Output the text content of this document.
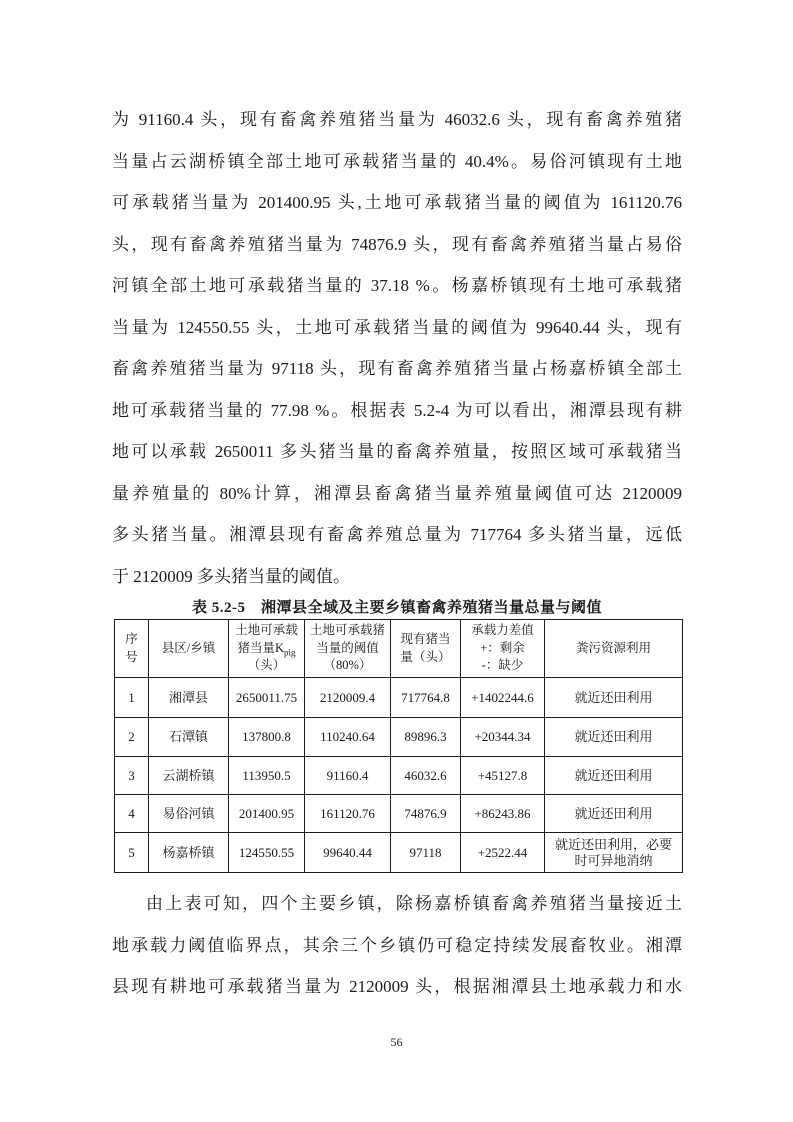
为 91160.4 头，现有畜禽养殖猪当量为 46032.6 头，现有畜禽养殖猪
当量占云湖桥镇全部土地可承载猪当量的 40.4%。易俗河镇现有土地
可承载猪当量为 201400.95 头,土地可承载猪当量的阈值为 161120.76
头，现有畜禽养殖猪当量为 74876.9 头，现有畜禽养殖猪当量占易俗
河镇全部土地可承载猪当量的 37.18 %。杨嘉桥镇现有土地可承载猪
当量为 124550.55 头，土地可承载猪当量的阈值为 99640.44 头，现有
畜禽养殖猪当量为 97118 头，现有畜禽养殖猪当量占杨嘉桥镇全部土
地可承载猪当量的 77.98 %。根据表 5.2-4 为可以看出，湘潭县现有耕
地可以承载 2650011 多头猪当量的畜禽养殖量，按照区域可承载猪当
量养殖量的 80%计算，湘潭县畜禽猪当量养殖量阈值可达 2120009
多头猪当量。湘潭县现有畜禽养殖总量为 717764 多头猪当量，远低
于 2120009 多头猪当量的阈值。
表 5.2-5　湘潭县全域及主要乡镇畜禽养殖猪当量总量与阈值
序号	县区/乡镇	土地可承载猪当量$K_{pig}$（头）	土地可承载猪当量的阈值（80%）	现有猪当量（头）	承载力差值
+：剩余
-：缺少	粪污资源利用
1	湘潭县	2650011.75	2120009.4	717764.8	+1402244.6	就近还田利用
2	石潭镇	137800.8	110240.64	89896.3	+20344.34	就近还田利用
3	云湖桥镇	113950.5	91160.4	46032.6	+45127.8	就近还田利用
4	易俗河镇	201400.95	161120.76	74876.9	+86243.86	就近还田利用
5	杨嘉桥镇	124550.55	99640.44	97118	+2522.44	就近还田利用，必要时可异地消纳
由上表可知，四个主要乡镇，除杨嘉桥镇畜禽养殖猪当量接近土
地承载力阈值临界点，其余三个乡镇仍可稳定持续发展畜牧业。湘潭
县现有耕地可承载猪当量为 2120009 头，根据湘潭县土地承载力和水
56
